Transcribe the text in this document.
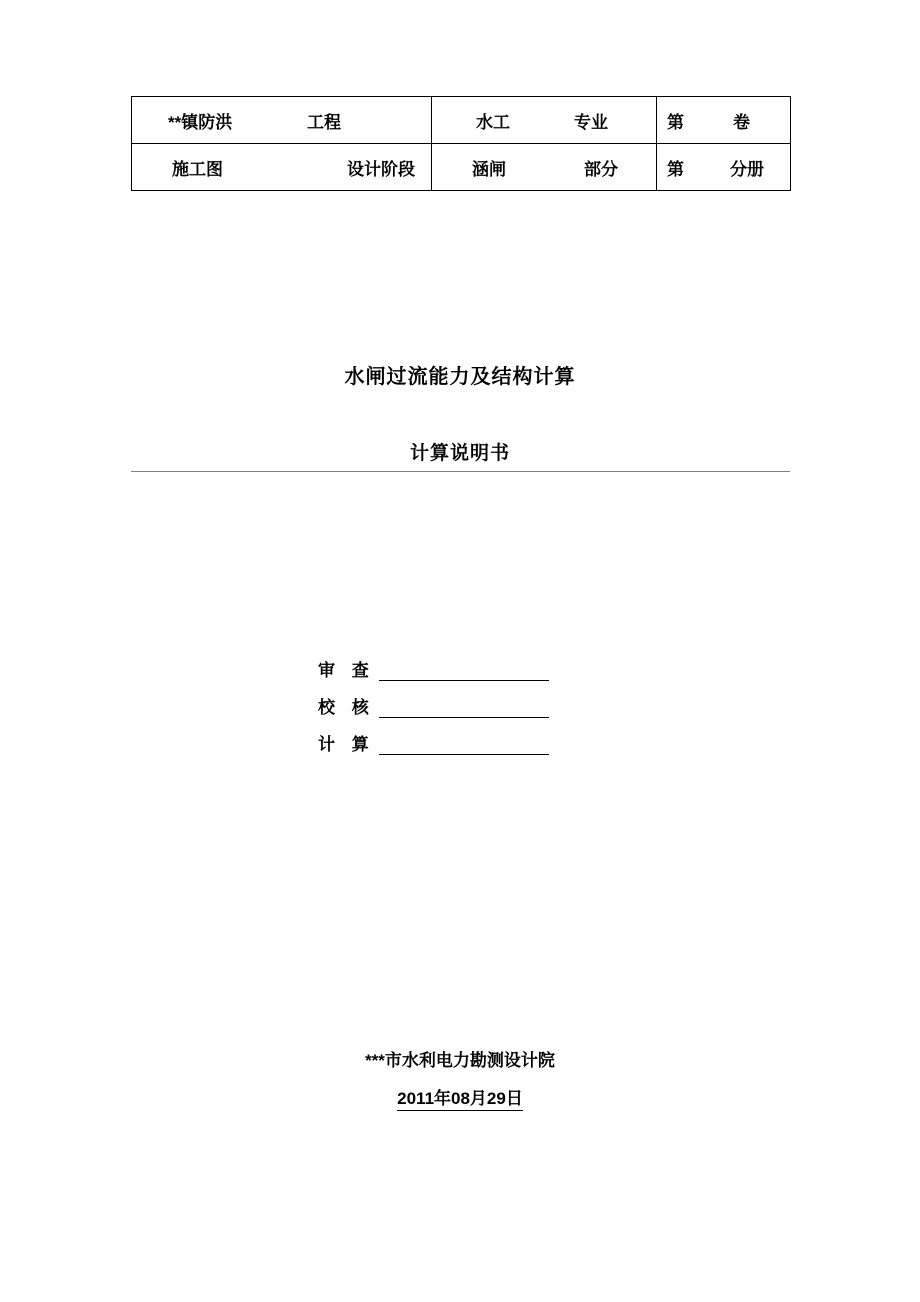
**镇防洪 工程	水工 专业	第 卷

施工图 设计阶段	涵闸 部分	第 分册
水闸过流能力及结构计算
计算说明书
审 查
校 核
计 算
***市水利电力勘测设计院
2011年08月29日
